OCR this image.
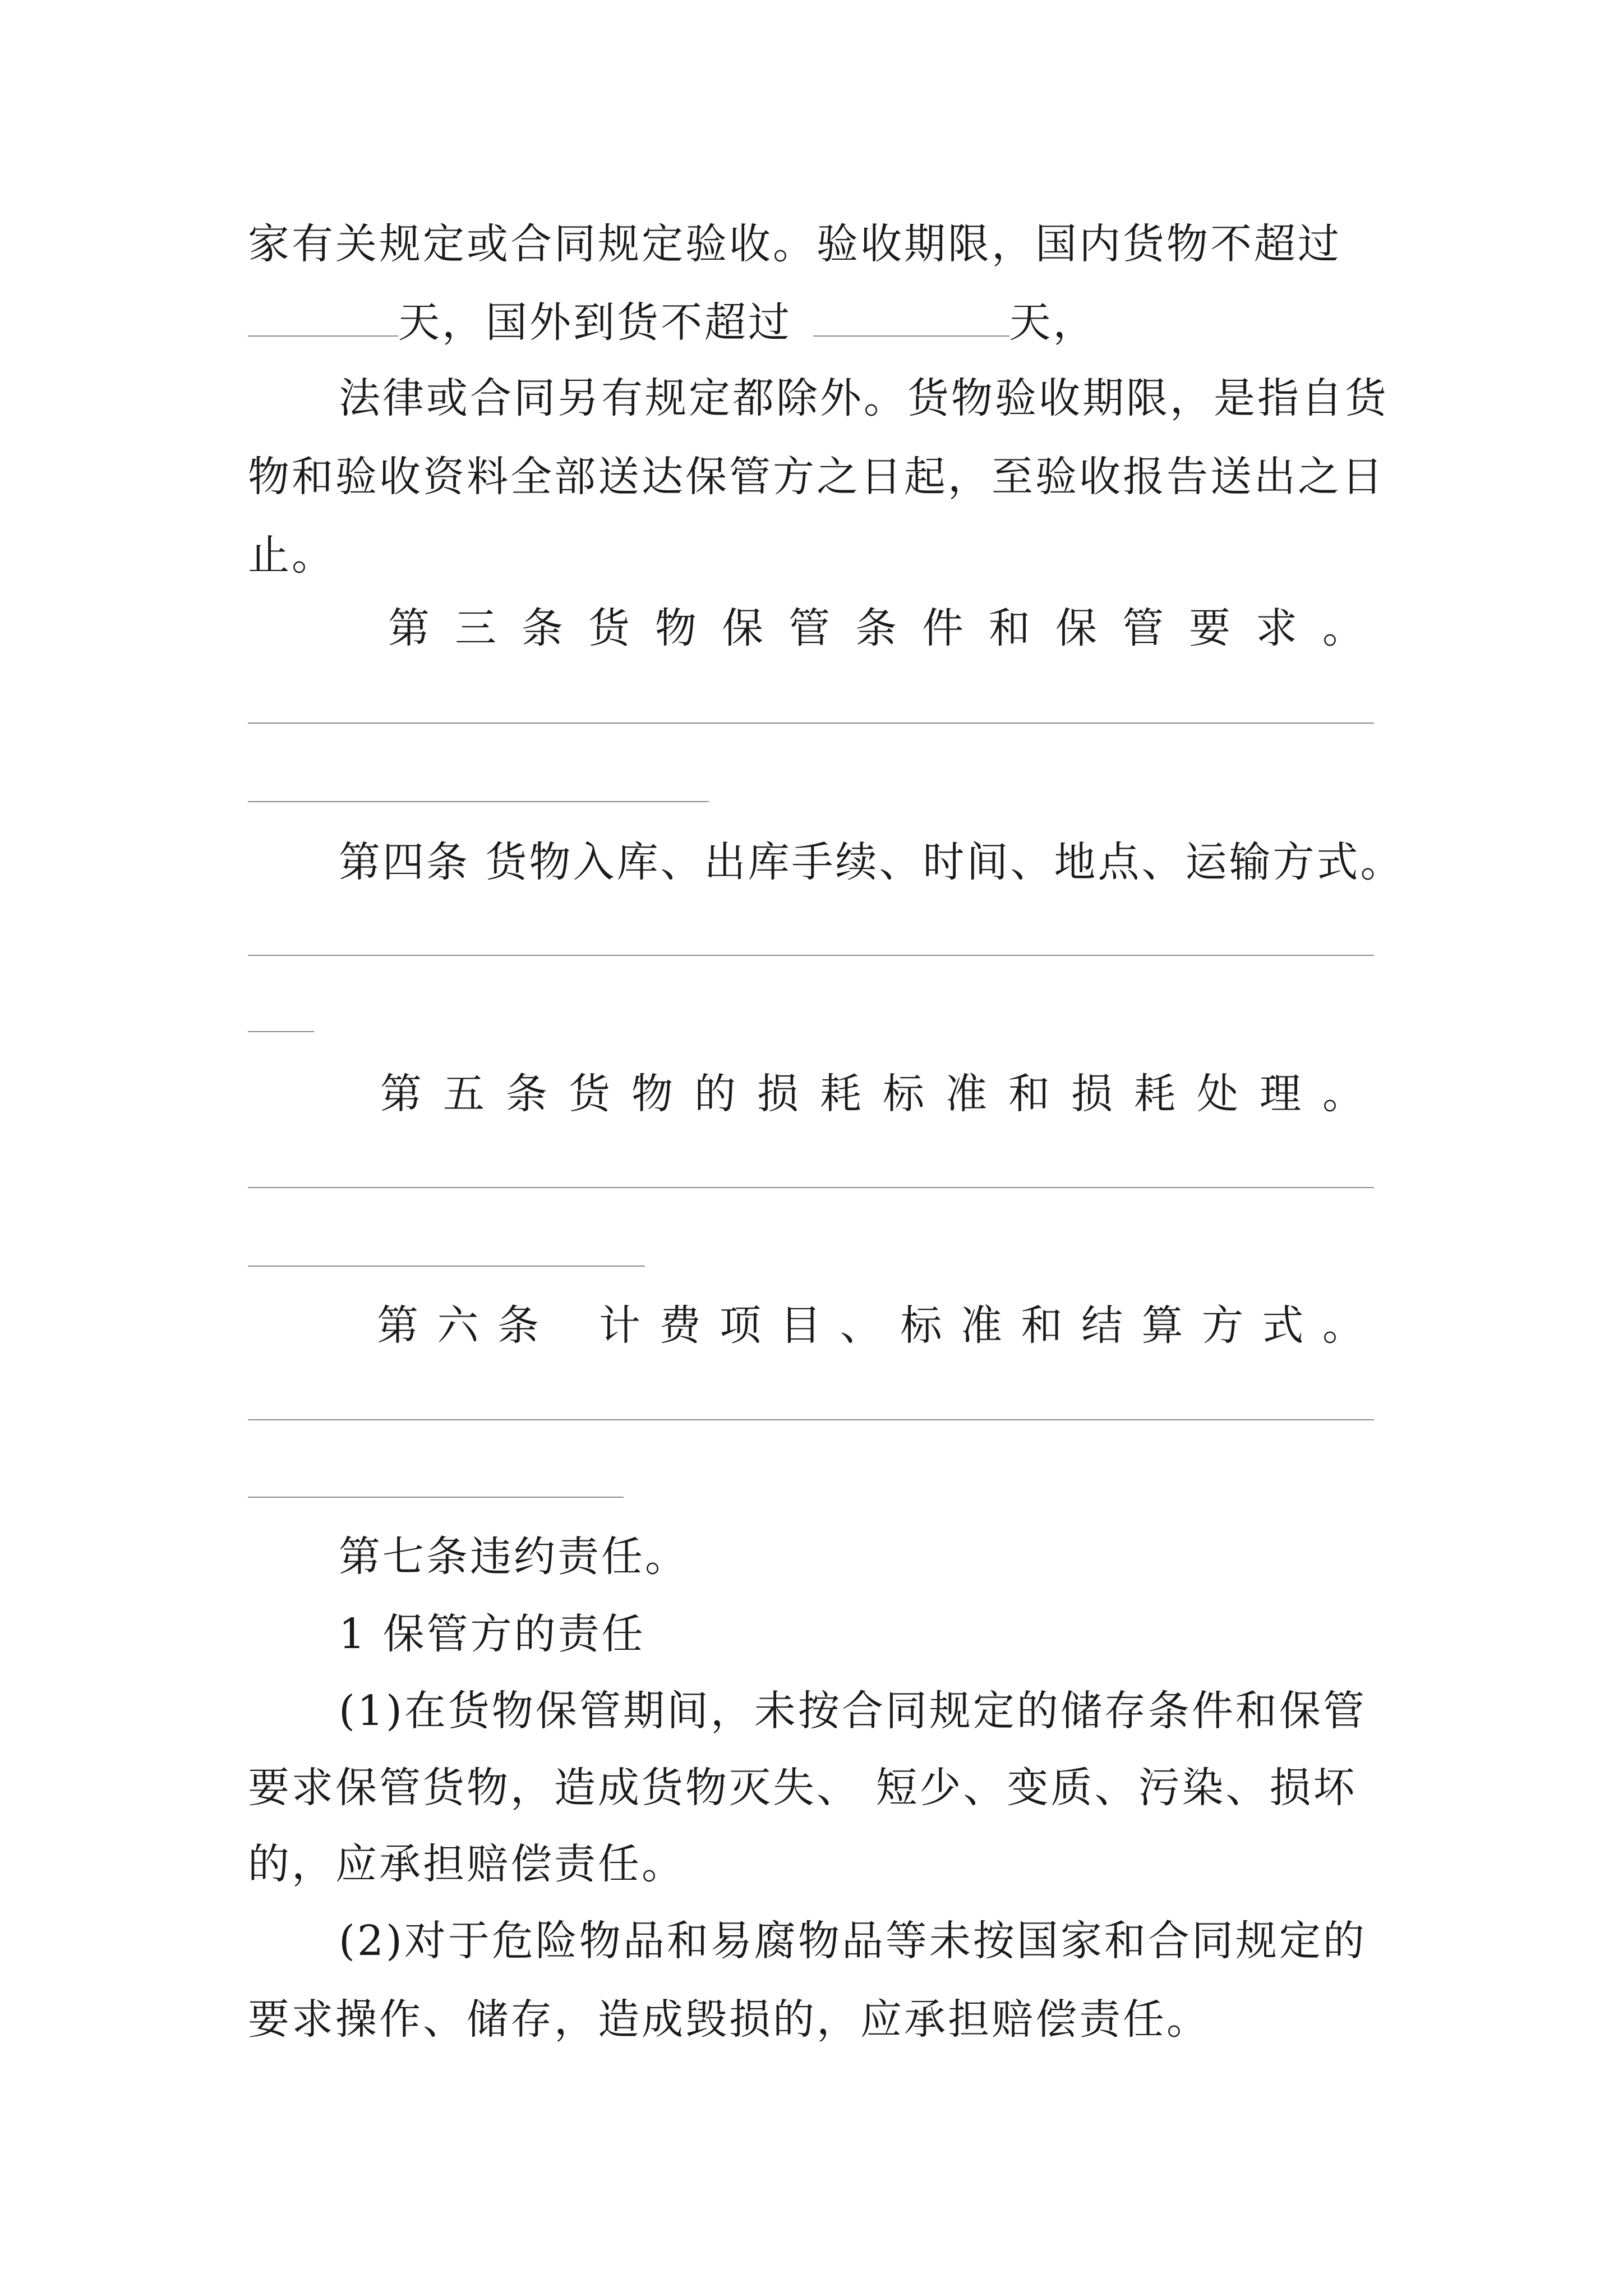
家有关规定或合同规定验收。验收期限，国内货物不超过
天，国外到货不超过	天，
法律或合同另有规定都除外。货物验收期限，是指自货
物和验收资料全部送达保管方之日起，至验收报告送出之日
止。
第 三 条 货 物 保 管 条 件 和 保 管 要 求 。
第四条 货物入库、出库手续、时间、地点、运输方式。
第 五 条 货 物 的 损 耗 标 准 和 损 耗 处 理 。
第 六 条 计 费 项 目 、 标 准 和 结 算 方 式 。
第七条违约责任。
1 保管方的责任
(1)在货物保管期间，未按合同规定的储存条件和保管
要求保管货物，造成货物灭失、 短少、变质、污染、损坏
的，应承担赔偿责任。
(2)对于危险物品和易腐物品等未按国家和合同规定的
要求操作、储存，造成毁损的，应承担赔偿责任。
